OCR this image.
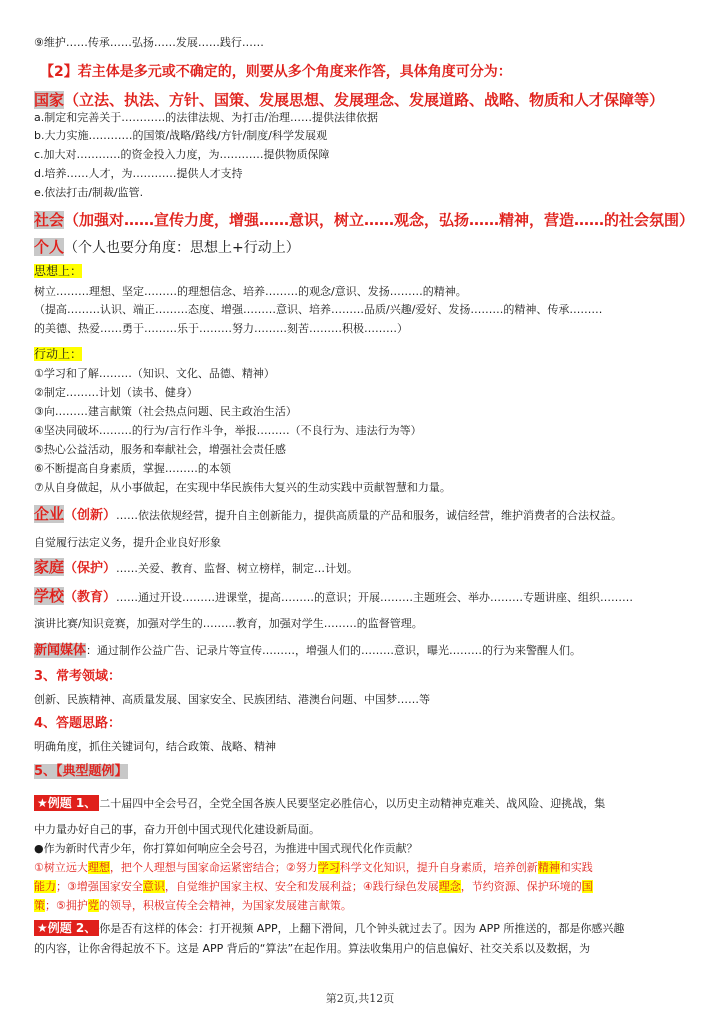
⑨维护……传承……弘扬……发展……践行……
【2】若主体是多元或不确定的，则要从多个角度来作答，具体角度可分为：
国家（立法、执法、方针、国策、发展思想、发展理念、发展道路、战略、物质和人才保障等）
a.制定和完善关于…………的法律法规、为打击/治理……提供法律依据
b.大力实施…………的国策/战略/路线/方针/制度/科学发展观
c.加大对…………的资金投入力度，为…………提供物质保障
d.培养……人才，为…………提供人才支持
e.依法打击/制裁/监管.
社会（加强对……宣传力度，增强……意识，树立……观念，弘扬……精神，营造……的社会氛围）
个人（个人也要分角度：思想上+行动上）
思想上：
树立………理想、坚定………的理想信念、培养………的观念/意识、发扬………的精神。
（提高………认识、端正………态度、增强………意识、培养………品质/兴趣/爱好、发扬………的精神、传承………
的美德、热爱……勇于………乐于………努力………刻苦………积极………）
行动上：
①学习和了解………（知识、文化、品德、精神）
②制定………计划（读书、健身）
③向………建言献策（社会热点问题、民主政治生活）
④坚决同破坏………的行为/言行作斗争，举报………（不良行为、违法行为等）
⑤热心公益活动，服务和奉献社会，增强社会责任感
⑥不断提高自身素质，掌握………的本领
⑦从自身做起，从小事做起，在实现中华民族伟大复兴的生动实践中贡献智慧和力量。
企业（创新）……依法依规经营，提升自主创新能力，提供高质量的产品和服务，诚信经营，维护消费者的合法权益。
自觉履行法定义务，提升企业良好形象
家庭（保护）……关爱、教育、监督、树立榜样，制定…计划。
学校（教育）……通过开设………进课堂，提高………的意识；开展………主题班会、举办………专题讲座、组织………
演讲比赛/知识竞赛，加强对学生的………教育，加强对学生………的监督管理。
新闻媒体：通过制作公益广告、记录片等宣传………，增强人们的………意识，曝光………的行为来警醒人们。
3、常考领域：
创新、民族精神、高质量发展、国家安全、民族团结、港澳台问题、中国梦……等
4、答题思路：
明确角度，抓住关键词句，结合政策、战略、精神
5、【典型题例】
★例题 1、 二十届四中全会号召，全党全国各族人民要坚定必胜信心，以历史主动精神克难关、战风险、迎挑战，集
中力量办好自己的事，奋力开创中国式现代化建设新局面。
●作为新时代青少年，你打算如何响应全会号召，为推进中国式现代化作贡献？
①树立远大理想，把个人理想与国家命运紧密结合；②努力学习科学文化知识，提升自身素质，培养创新精神和实践
能力；③增强国家安全意识，自觉维护国家主权、安全和发展利益；④践行绿色发展理念，节约资源、保护环境的国
策；⑤拥护党的领导，积极宣传全会精神，为国家发展建言献策。
★例题 2、 你是否有这样的体会：打开视频 APP，上翻下滑间，几个钟头就过去了。因为 APP 所推送的，都是你感兴趣
的内容，让你舍得起放不下。这是 APP 背后的“算法”在起作用。算法收集用户的信息偏好、社交关系以及数据，为
第2页,共12页
